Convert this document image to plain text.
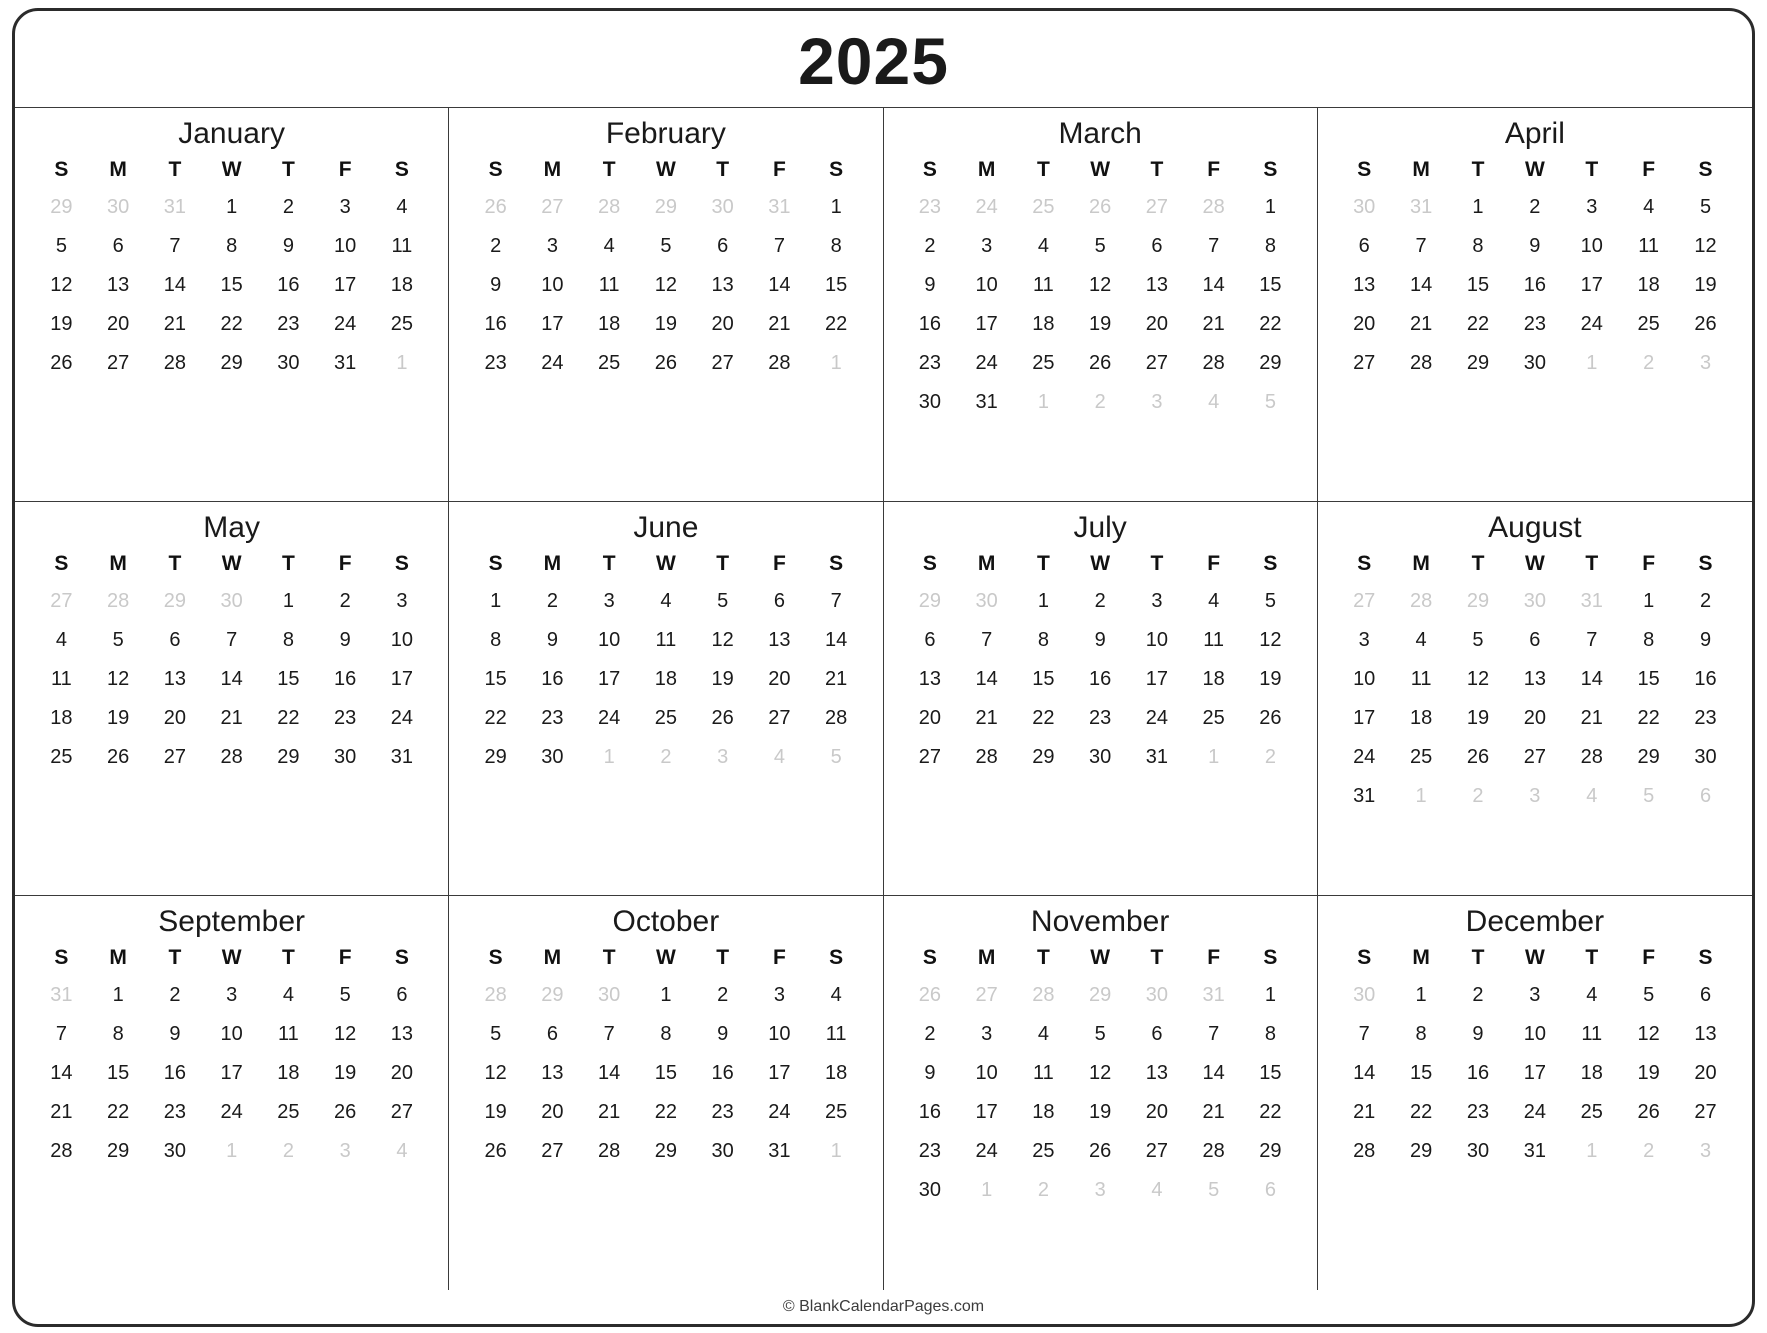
2025
January
S	M	T	W	T	F	S
29	30	31	1	2	3	4
5	6	7	8	9	10	11
12	13	14	15	16	17	18
19	20	21	22	23	24	25
26	27	28	29	30	31	1
February
S	M	T	W	T	F	S
26	27	28	29	30	31	1
2	3	4	5	6	7	8
9	10	11	12	13	14	15
16	17	18	19	20	21	22
23	24	25	26	27	28	1
March
S	M	T	W	T	F	S
23	24	25	26	27	28	1
2	3	4	5	6	7	8
9	10	11	12	13	14	15
16	17	18	19	20	21	22
23	24	25	26	27	28	29
30	31	1	2	3	4	5
April
S	M	T	W	T	F	S
30	31	1	2	3	4	5
6	7	8	9	10	11	12
13	14	15	16	17	18	19
20	21	22	23	24	25	26
27	28	29	30	1	2	3
May
S	M	T	W	T	F	S
27	28	29	30	1	2	3
4	5	6	7	8	9	10
11	12	13	14	15	16	17
18	19	20	21	22	23	24
25	26	27	28	29	30	31
June
S	M	T	W	T	F	S
1	2	3	4	5	6	7
8	9	10	11	12	13	14
15	16	17	18	19	20	21
22	23	24	25	26	27	28
29	30	1	2	3	4	5
July
S	M	T	W	T	F	S
29	30	1	2	3	4	5
6	7	8	9	10	11	12
13	14	15	16	17	18	19
20	21	22	23	24	25	26
27	28	29	30	31	1	2
August
S	M	T	W	T	F	S
27	28	29	30	31	1	2
3	4	5	6	7	8	9
10	11	12	13	14	15	16
17	18	19	20	21	22	23
24	25	26	27	28	29	30
31	1	2	3	4	5	6
September
S	M	T	W	T	F	S
31	1	2	3	4	5	6
7	8	9	10	11	12	13
14	15	16	17	18	19	20
21	22	23	24	25	26	27
28	29	30	1	2	3	4
October
S	M	T	W	T	F	S
28	29	30	1	2	3	4
5	6	7	8	9	10	11
12	13	14	15	16	17	18
19	20	21	22	23	24	25
26	27	28	29	30	31	1
November
S	M	T	W	T	F	S
26	27	28	29	30	31	1
2	3	4	5	6	7	8
9	10	11	12	13	14	15
16	17	18	19	20	21	22
23	24	25	26	27	28	29
30	1	2	3	4	5	6
December
S	M	T	W	T	F	S
30	1	2	3	4	5	6
7	8	9	10	11	12	13
14	15	16	17	18	19	20
21	22	23	24	25	26	27
28	29	30	31	1	2	3
© BlankCalendarPages.com
